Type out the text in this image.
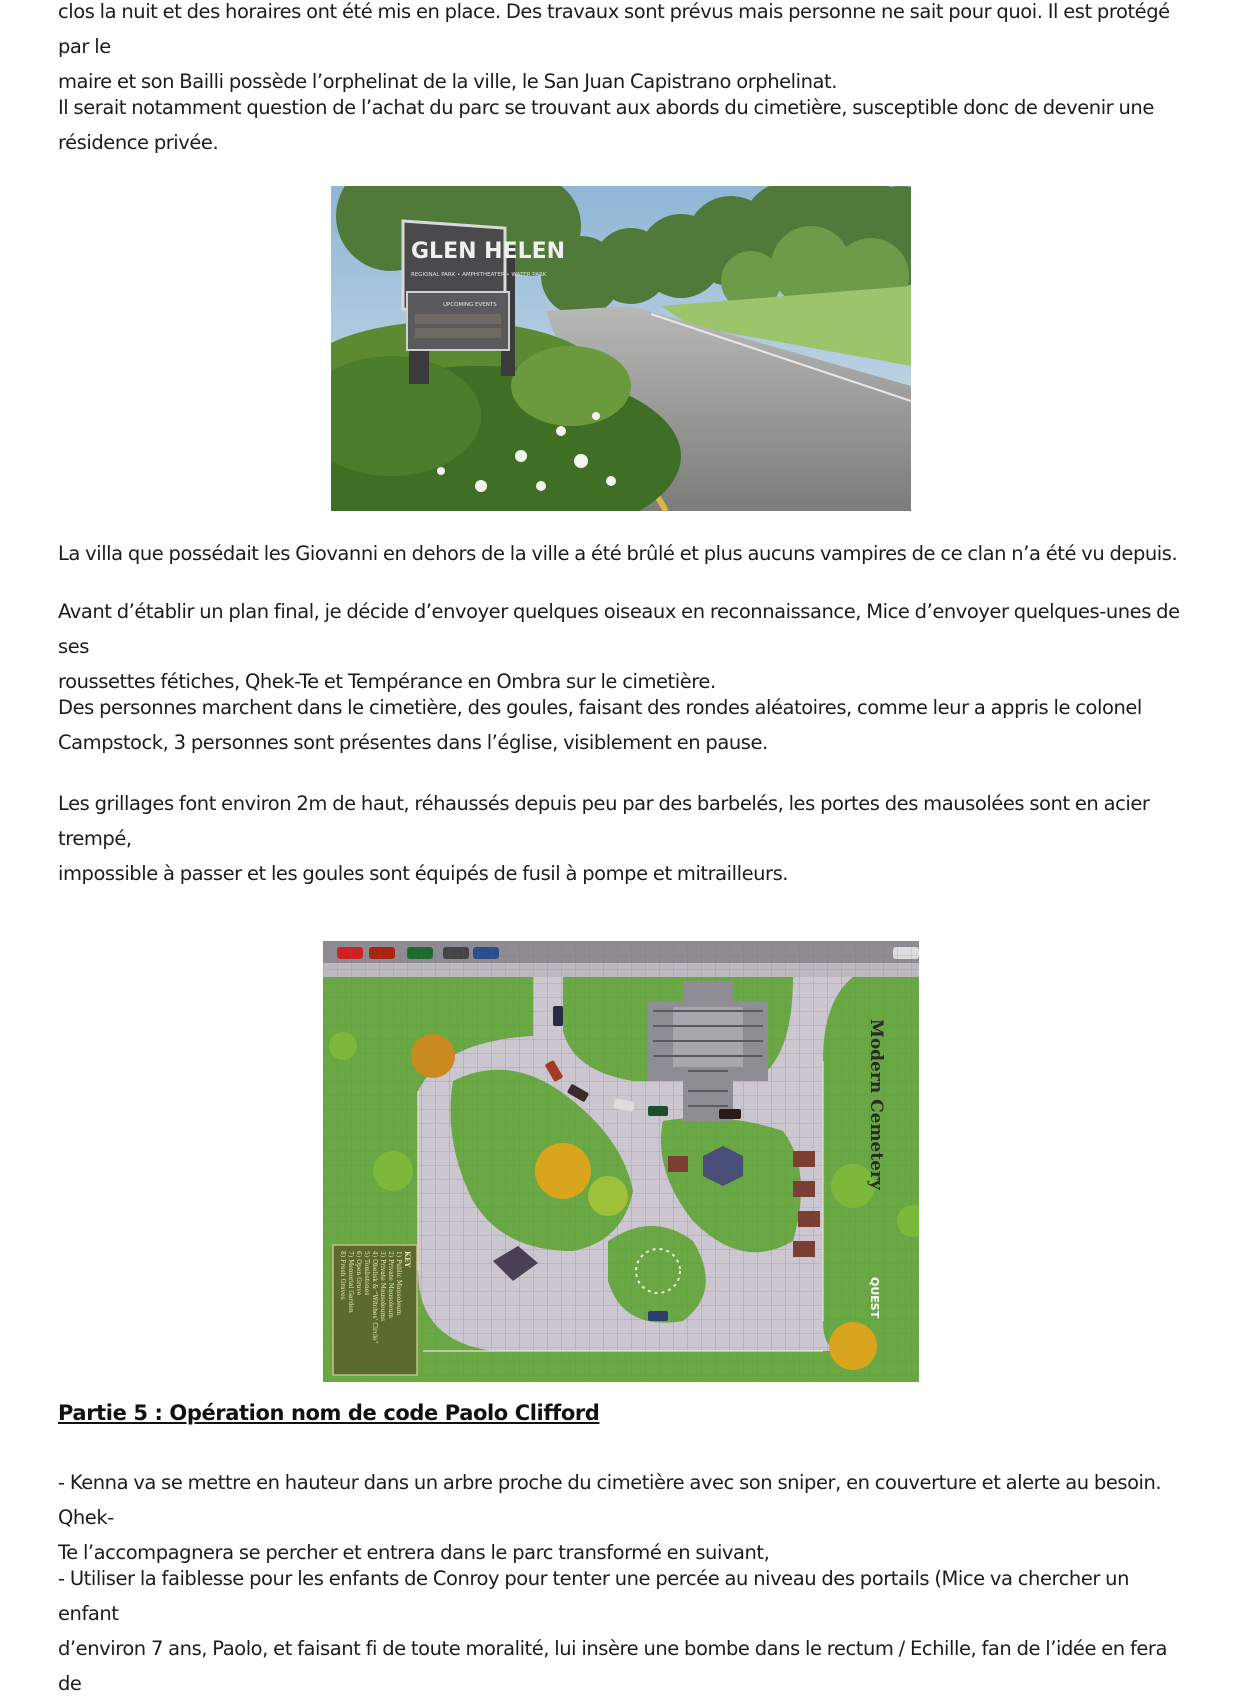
clos la nuit et des horaires ont été mis en place. Des travaux sont prévus mais personne ne sait pour quoi. Il est protégé par le
maire et son Bailli possède l’orphelinat de la ville, le San Juan Capistrano orphelinat.

Il serait notamment question de l’achat du parc se trouvant aux abords du cimetière, susceptible donc de devenir une
résidence privée.

La villa que possédait les Giovanni en dehors de la ville a été brûlé et plus aucuns vampires de ce clan n’a été vu depuis.

Avant d’établir un plan final, je décide d’envoyer quelques oiseaux en reconnaissance, Mice d’envoyer quelques-unes de ses
roussettes fétiches, Qhek-Te et Tempérance en Ombra sur le cimetière.

Des personnes marchent dans le cimetière, des goules, faisant des rondes aléatoires, comme leur a appris le colonel
Campstock, 3 personnes sont présentes dans l’église, visiblement en pause.

Les grillages font environ 2m de haut, réhaussés depuis peu par des barbelés, les portes des mausolées sont en acier trempé,
impossible à passer et les goules sont équipés de fusil à pompe et mitrailleurs.

Partie 5 : Opération nom de code Paolo Clifford

- Kenna va se mettre en hauteur dans un arbre proche du cimetière avec son sniper, en couverture et alerte au besoin. Qhek-
Te l’accompagnera se percher et entrera dans le parc transformé en suivant,

- Utiliser la faiblesse pour les enfants de Conroy pour tenter une percée au niveau des portails (Mice va chercher un enfant
d’environ 7 ans, Paolo, et faisant fi de toute moralité, lui insère une bombe dans le rectum / Echille, fan de l’idée en fera de

GLEN HELEN
REGIONAL PARK • AMPHITHEATER • WATER PARK
UPCOMING EVENTS
Modern Cemetery
QUEST
KEY
1) Public Mausoleum
2) Private Mausoleum
3) Private Mausoleums
4) Obelisk & “Witches’ Circle”
5) Tombstones
6) Open Grave
7) Memorial Garden
8) Fresh Graves
